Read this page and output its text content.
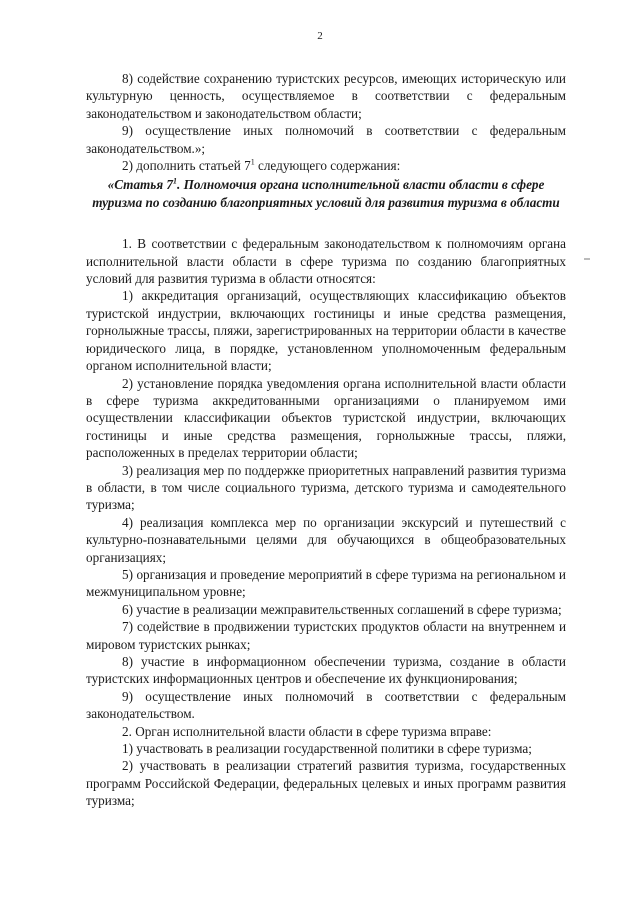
2

8) содействие сохранению туристских ресурсов, имеющих историческую или культурную ценность, осуществляемое в соответствии с федеральным законодательством и законодательством области;

9) осуществление иных полномочий в соответствии с федеральным законодательством.»;

2) дополнить статьей $7^1$ следующего содержания:

«Статья $7^1$. Полномочия органа исполнительной власти области в сфере туризма по созданию благоприятных условий для развития туризма в области

1. В соответствии с федеральным законодательством к полномочиям органа исполнительной власти области в сфере туризма по созданию благоприятных условий для развития туризма в области относятся:

1) аккредитация организаций, осуществляющих классификацию объектов туристской индустрии, включающих гостиницы и иные средства размещения, горнолыжные трассы, пляжи, зарегистрированных на территории области в качестве юридического лица, в порядке, установленном уполномоченным федеральным органом исполнительной власти;

2) установление порядка уведомления органа исполнительной власти области в сфере туризма аккредитованными организациями о планируемом ими осуществлении классификации объектов туристской индустрии, включающих гостиницы и иные средства размещения, горнолыжные трассы, пляжи, расположенных в пределах территории области;

3) реализация мер по поддержке приоритетных направлений развития туризма в области, в том числе социального туризма, детского туризма и самодеятельного туризма;

4) реализация комплекса мер по организации экскурсий и путешествий с культурно-познавательными целями для обучающихся в общеобразовательных организациях;

5) организация и проведение мероприятий в сфере туризма на региональном и межмуниципальном уровне;

6) участие в реализации межправительственных соглашений в сфере туризма;

7) содействие в продвижении туристских продуктов области на внутреннем и мировом туристских рынках;

8) участие в информационном обеспечении туризма, создание в области туристских информационных центров и обеспечение их функционирования;

9) осуществление иных полномочий в соответствии с федеральным законодательством.

2. Орган исполнительной власти области в сфере туризма вправе:

1) участвовать в реализации государственной политики в сфере туризма;

2) участвовать в реализации стратегий развития туризма, государственных программ Российской Федерации, федеральных целевых и иных программ развития туризма;
